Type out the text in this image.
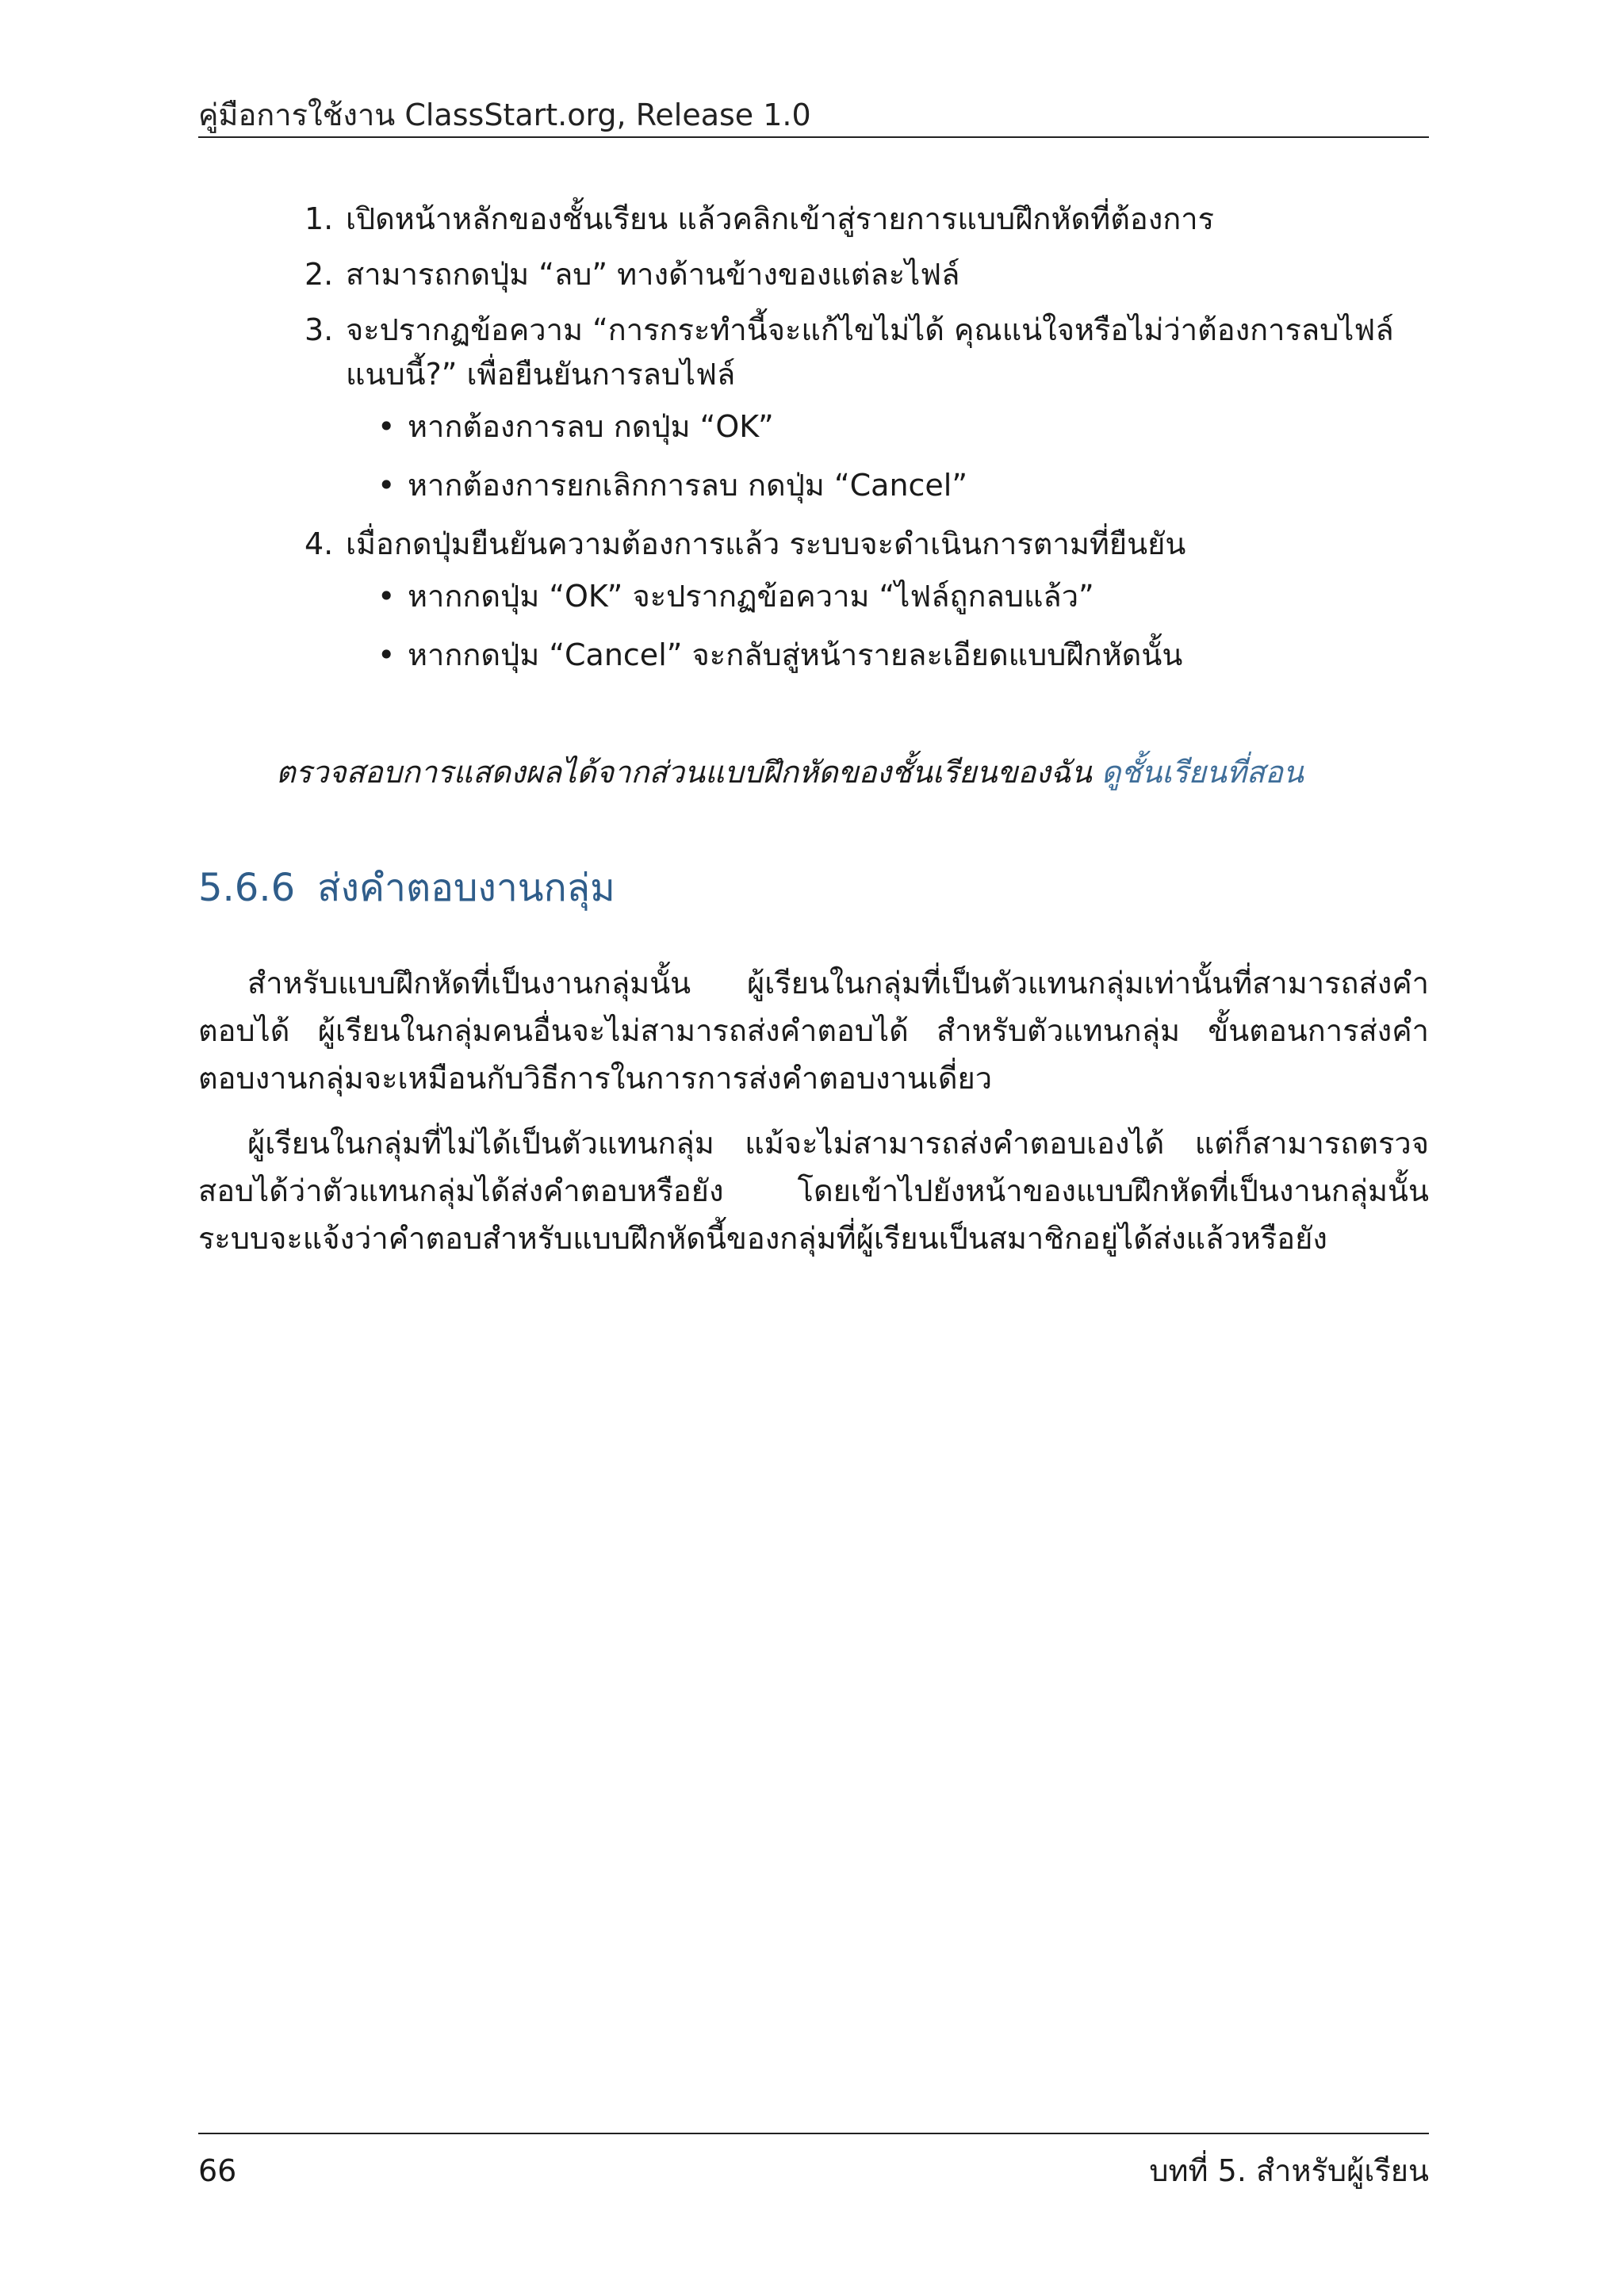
คู่มือการใช้งาน ClassStart.org, Release 1.0
1. เปิดหน้าหลักของชั้นเรียน แล้วคลิกเข้าสู่รายการแบบฝึกหัดที่ต้องการ
2. สามารถกดปุ่ม “ลบ” ทางด้านข้างของแต่ละไฟล์
3. จะปรากฏข้อความ “การกระทำนี้จะแก้ไขไม่ได้ คุณแน่ใจหรือไม่ว่าต้องการลบไฟล์แนบนี้?” เพื่อยืนยันการลบไฟล์
• หากต้องการลบ กดปุ่ม “OK”
• หากต้องการยกเลิกการลบ กดปุ่ม “Cancel”
4. เมื่อกดปุ่มยืนยันความต้องการแล้ว ระบบจะดำเนินการตามที่ยืนยัน
• หากกดปุ่ม “OK” จะปรากฏข้อความ “ไฟล์ถูกลบแล้ว”
• หากกดปุ่ม “Cancel” จะกลับสู่หน้ารายละเอียดแบบฝึกหัดนั้น
ตรวจสอบการแสดงผลได้จากส่วนแบบฝึกหัดของชั้นเรียนของฉัน ดูชั้นเรียนที่สอน
5.6.6 ส่งคำตอบงานกลุ่ม

สำหรับแบบฝึกหัดที่เป็นงานกลุ่มนั้น ผู้เรียนในกลุ่มที่เป็นตัวแทนกลุ่มเท่านั้นที่สามารถส่งคำตอบได้ ผู้เรียนในกลุ่มคนอื่นจะไม่สามารถส่งคำตอบได้ สำหรับตัวแทนกลุ่ม ขั้นตอนการส่งคำตอบงานกลุ่มจะเหมือนกับวิธีการในการการส่งคำตอบงานเดี่ยว

ผู้เรียนในกลุ่มที่ไม่ได้เป็นตัวแทนกลุ่ม แม้จะไม่สามารถส่งคำตอบเองได้ แต่ก็สามารถตรวจสอบได้ว่าตัวแทนกลุ่มได้ส่งคำตอบหรือยัง โดยเข้าไปยังหน้าของแบบฝึกหัดที่เป็นงานกลุ่มนั้น ระบบจะแจ้งว่าคำตอบสำหรับแบบฝึกหัดนี้ของกลุ่มที่ผู้เรียนเป็นสมาชิกอยู่ได้ส่งแล้วหรือยัง

66	บทที่ 5. สำหรับผู้เรียน
